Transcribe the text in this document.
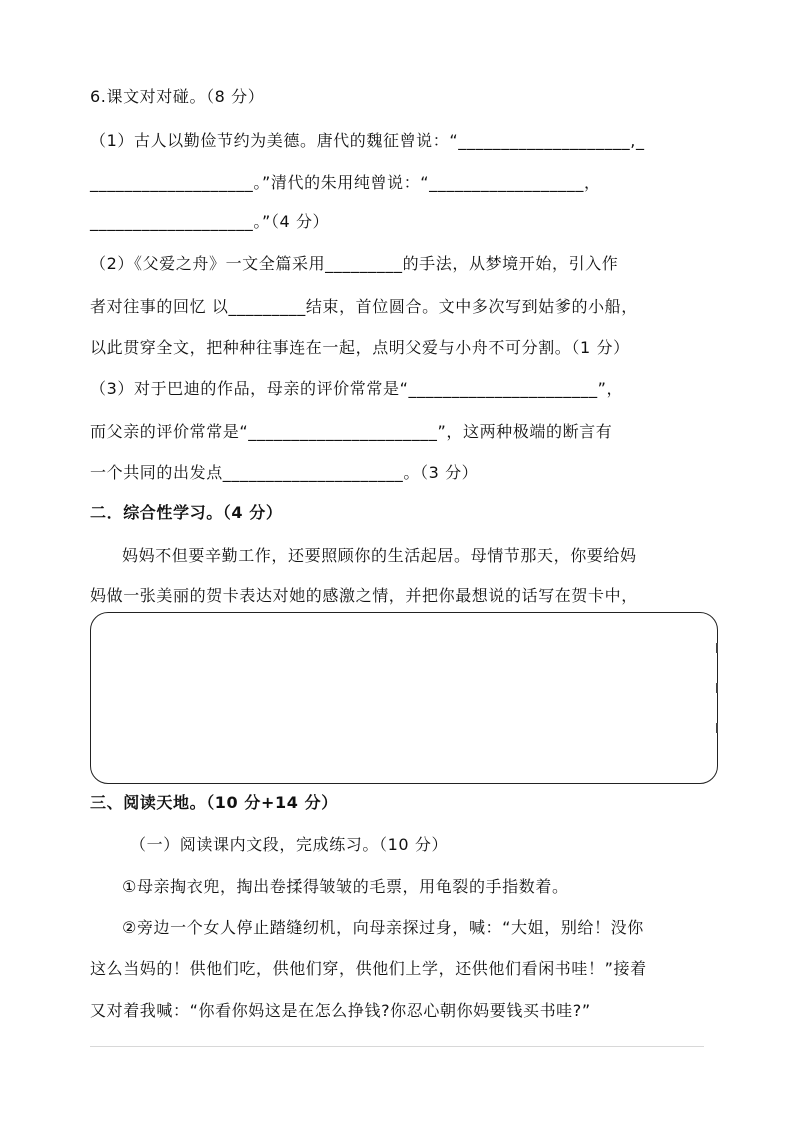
6.课文对对碰。（8 分）
（1）古人以勤俭节约为美德。唐代的魏征曾说：“____________________,_
___________________。”清代的朱用纯曾说：“__________________，
___________________。”（4 分）
（2）《父爱之舟》一文全篇采用_________的手法，从梦境开始，引入作
者对往事的回忆 以_________结束，首位圆合。文中多次写到姑爹的小船，
以此贯穿全文，把种种往事连在一起，点明父爱与小舟不可分割。（1 分）
（3）对于巴迪的作品，母亲的评价常常是“______________________”，
而父亲的评价常常是“______________________”，这两种极端的断言有
一个共同的出发点_____________________。（3 分）
二．综合性学习。（4 分）
妈妈不但要辛勤工作，还要照顾你的生活起居。母情节那天，你要给妈
妈做一张美丽的贺卡表达对她的感激之情，并把你最想说的话写在贺卡中，
三、阅读天地。（10 分+14 分）
（一）阅读课内文段，完成练习。（10 分）
①母亲掏衣兜，掏出卷揉得皱皱的毛票，用龟裂的手指数着。
②旁边一个女人停止踏缝纫机，向母亲探过身，喊：“大姐，别给！没你
这么当妈的！供他们吃，供他们穿，供他们上学，还供他们看闲书哇！”接着
又对着我喊：“你看你妈这是在怎么挣钱?你忍心朝你妈要钱买书哇?”
